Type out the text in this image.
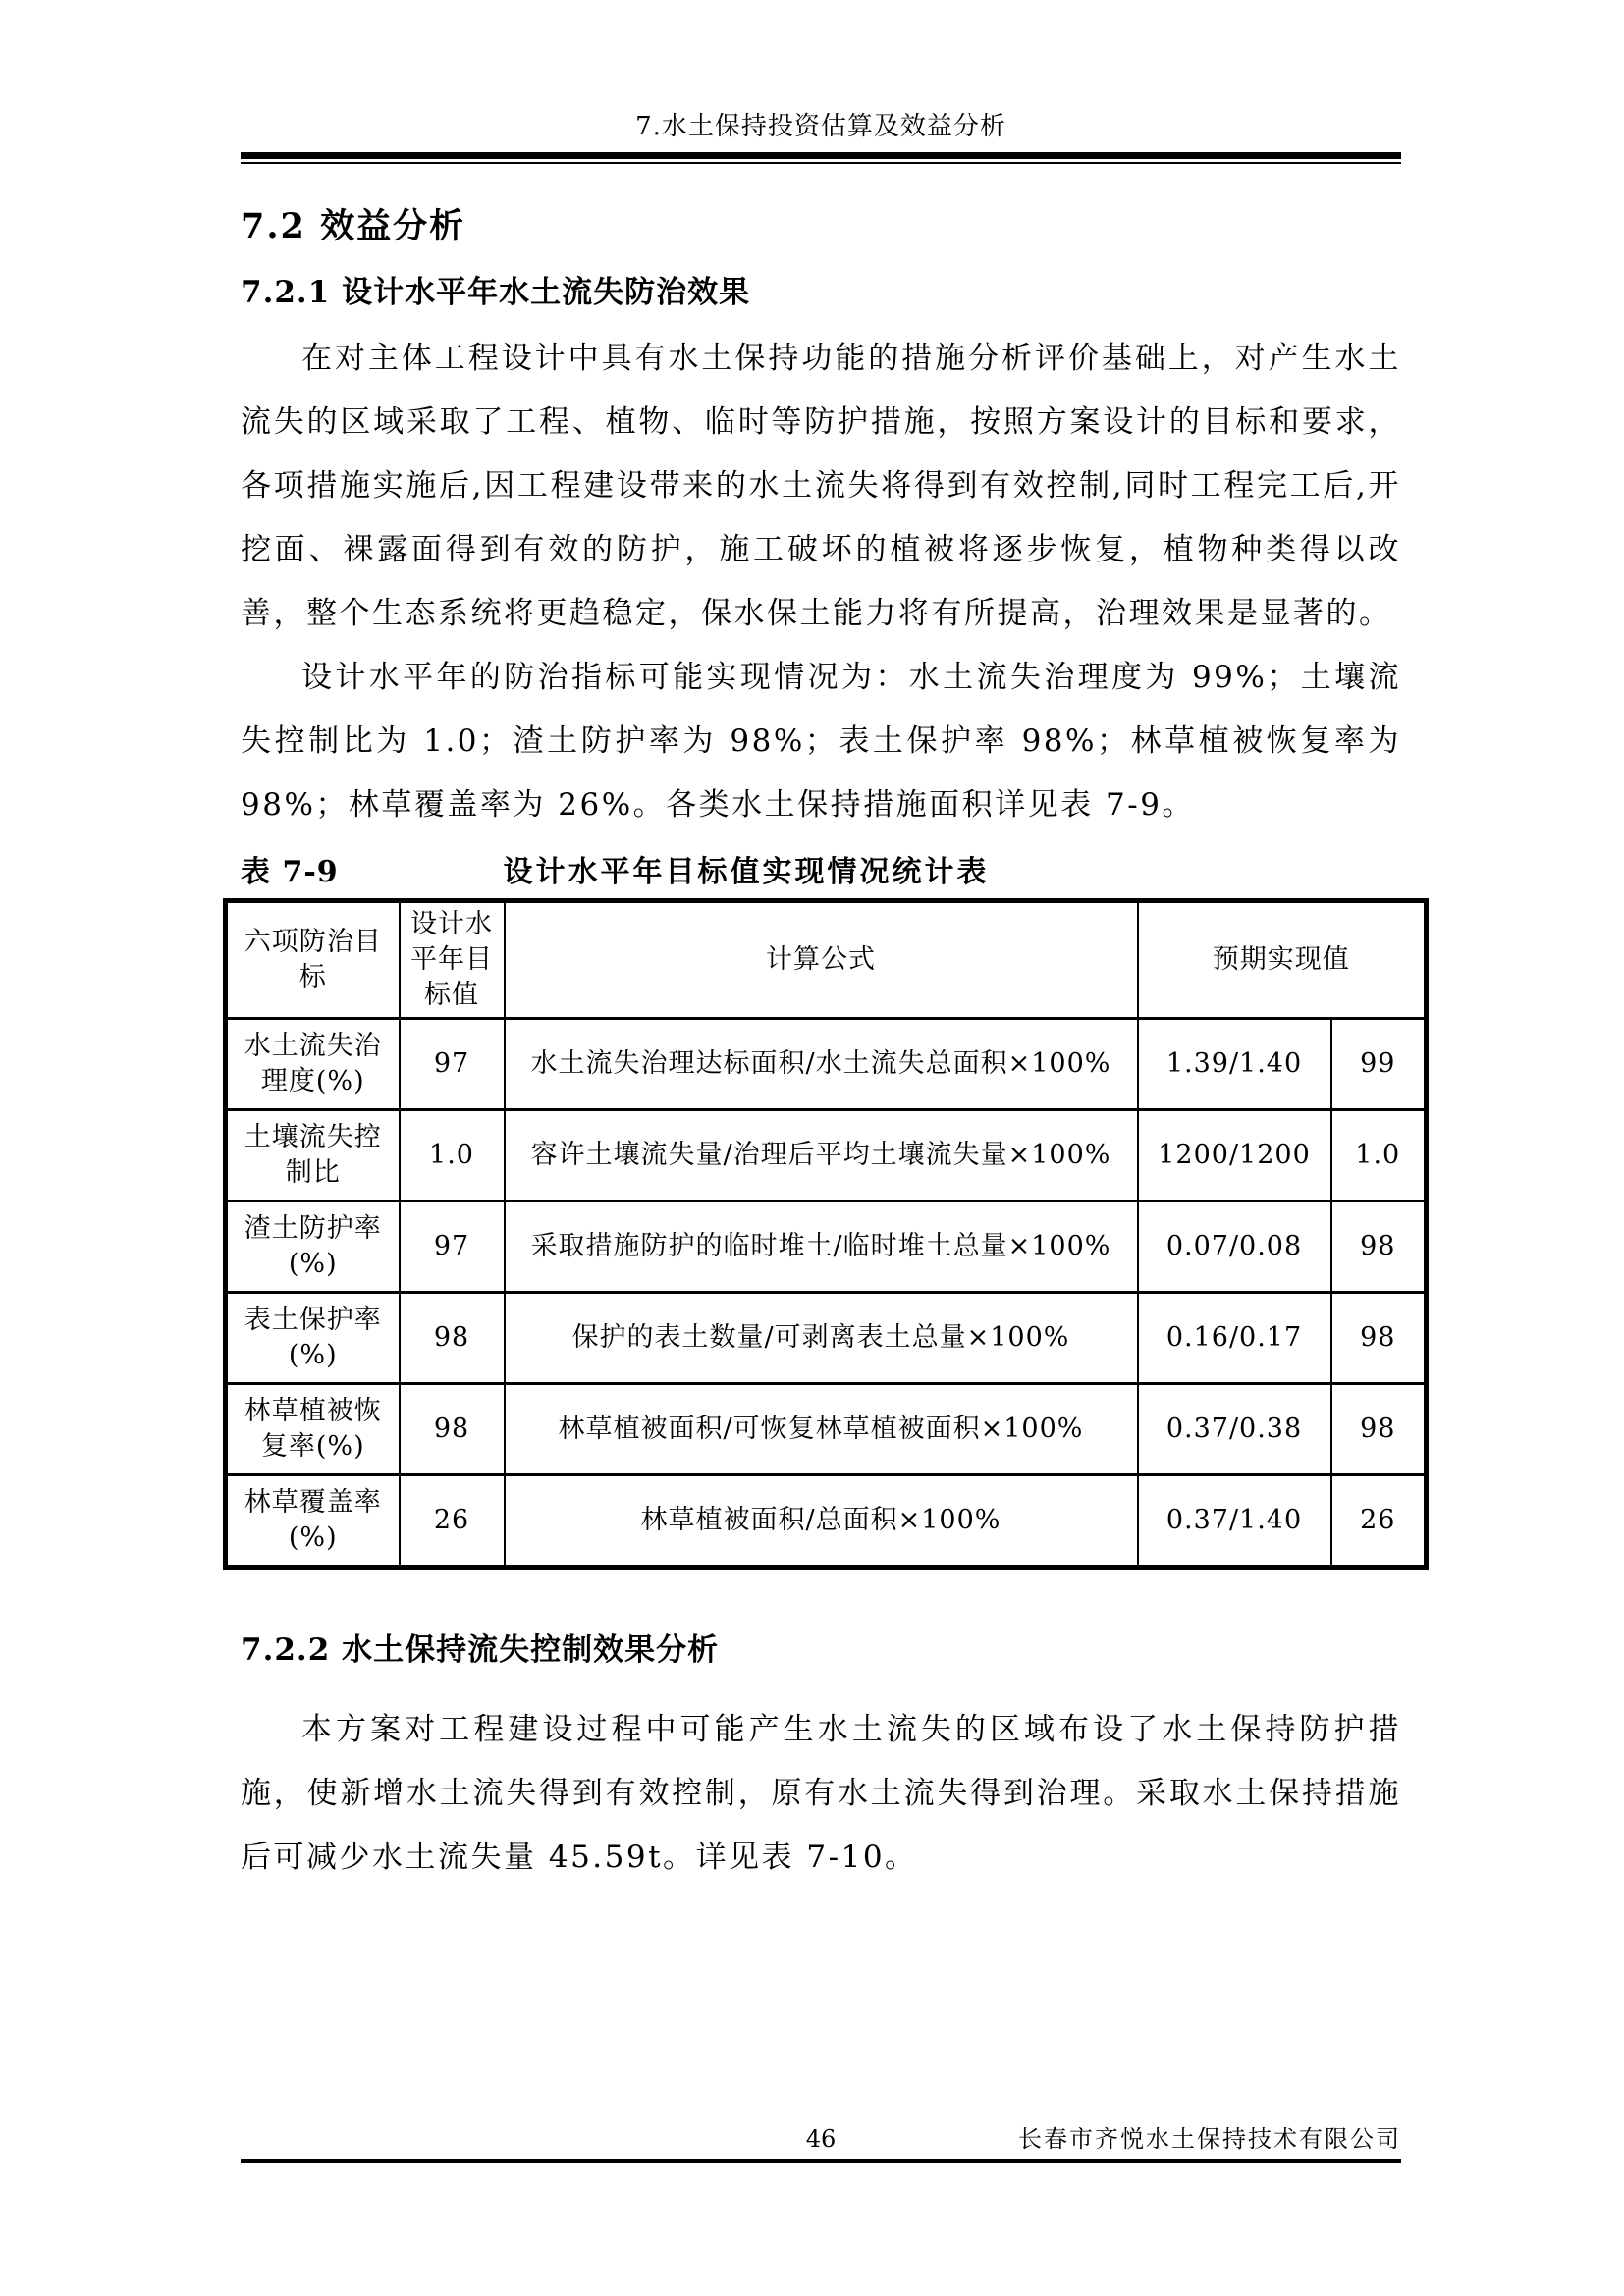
7.水土保持投资估算及效益分析
7.2 效益分析
7.2.1 设计水平年水土流失防治效果

在对主体工程设计中具有水土保持功能的措施分析评价基础上，对产生水土流失的区域采取了工程、植物、临时等防护措施，按照方案设计的目标和要求，各项措施实施后,因工程建设带来的水土流失将得到有效控制,同时工程完工后,开挖面、裸露面得到有效的防护，施工破坏的植被将逐步恢复，植物种类得以改善，整个生态系统将更趋稳定，保水保土能力将有所提高，治理效果是显著的。

设计水平年的防治指标可能实现情况为：水土流失治理度为 99%；土壤流失控制比为 1.0；渣土防护率为 98%；表土保护率 98%；林草植被恢复率为 98%；林草覆盖率为 26%。各类水土保持措施面积详见表 7-9。

表 7-9	设计水平年目标值实现情况统计表
六项防治目标	设计水平年目标值	计算公式	预期实现值	
水土流失治理度(%)	97	水土流失治理达标面积/水土流失总面积×100%	1.39/1.40	99
土壤流失控制比	1.0	容许土壤流失量/治理后平均土壤流失量×100%	1200/1200	1.0
渣土防护率(%)	97	采取措施防护的临时堆土/临时堆土总量×100%	0.07/0.08	98
表土保护率(%)	98	保护的表土数量/可剥离表土总量×100%	0.16/0.17	98
林草植被恢复率(%)	98	林草植被面积/可恢复林草植被面积×100%	0.37/0.38	98
林草覆盖率(%)	26	林草植被面积/总面积×100%	0.37/1.40	26
7.2.2 水土保持流失控制效果分析

本方案对工程建设过程中可能产生水土流失的区域布设了水土保持防护措施，使新增水土流失得到有效控制，原有水土流失得到治理。采取水土保持措施后可减少水土流失量 45.59t。详见表 7-10。

46	长春市齐悦水土保持技术有限公司
